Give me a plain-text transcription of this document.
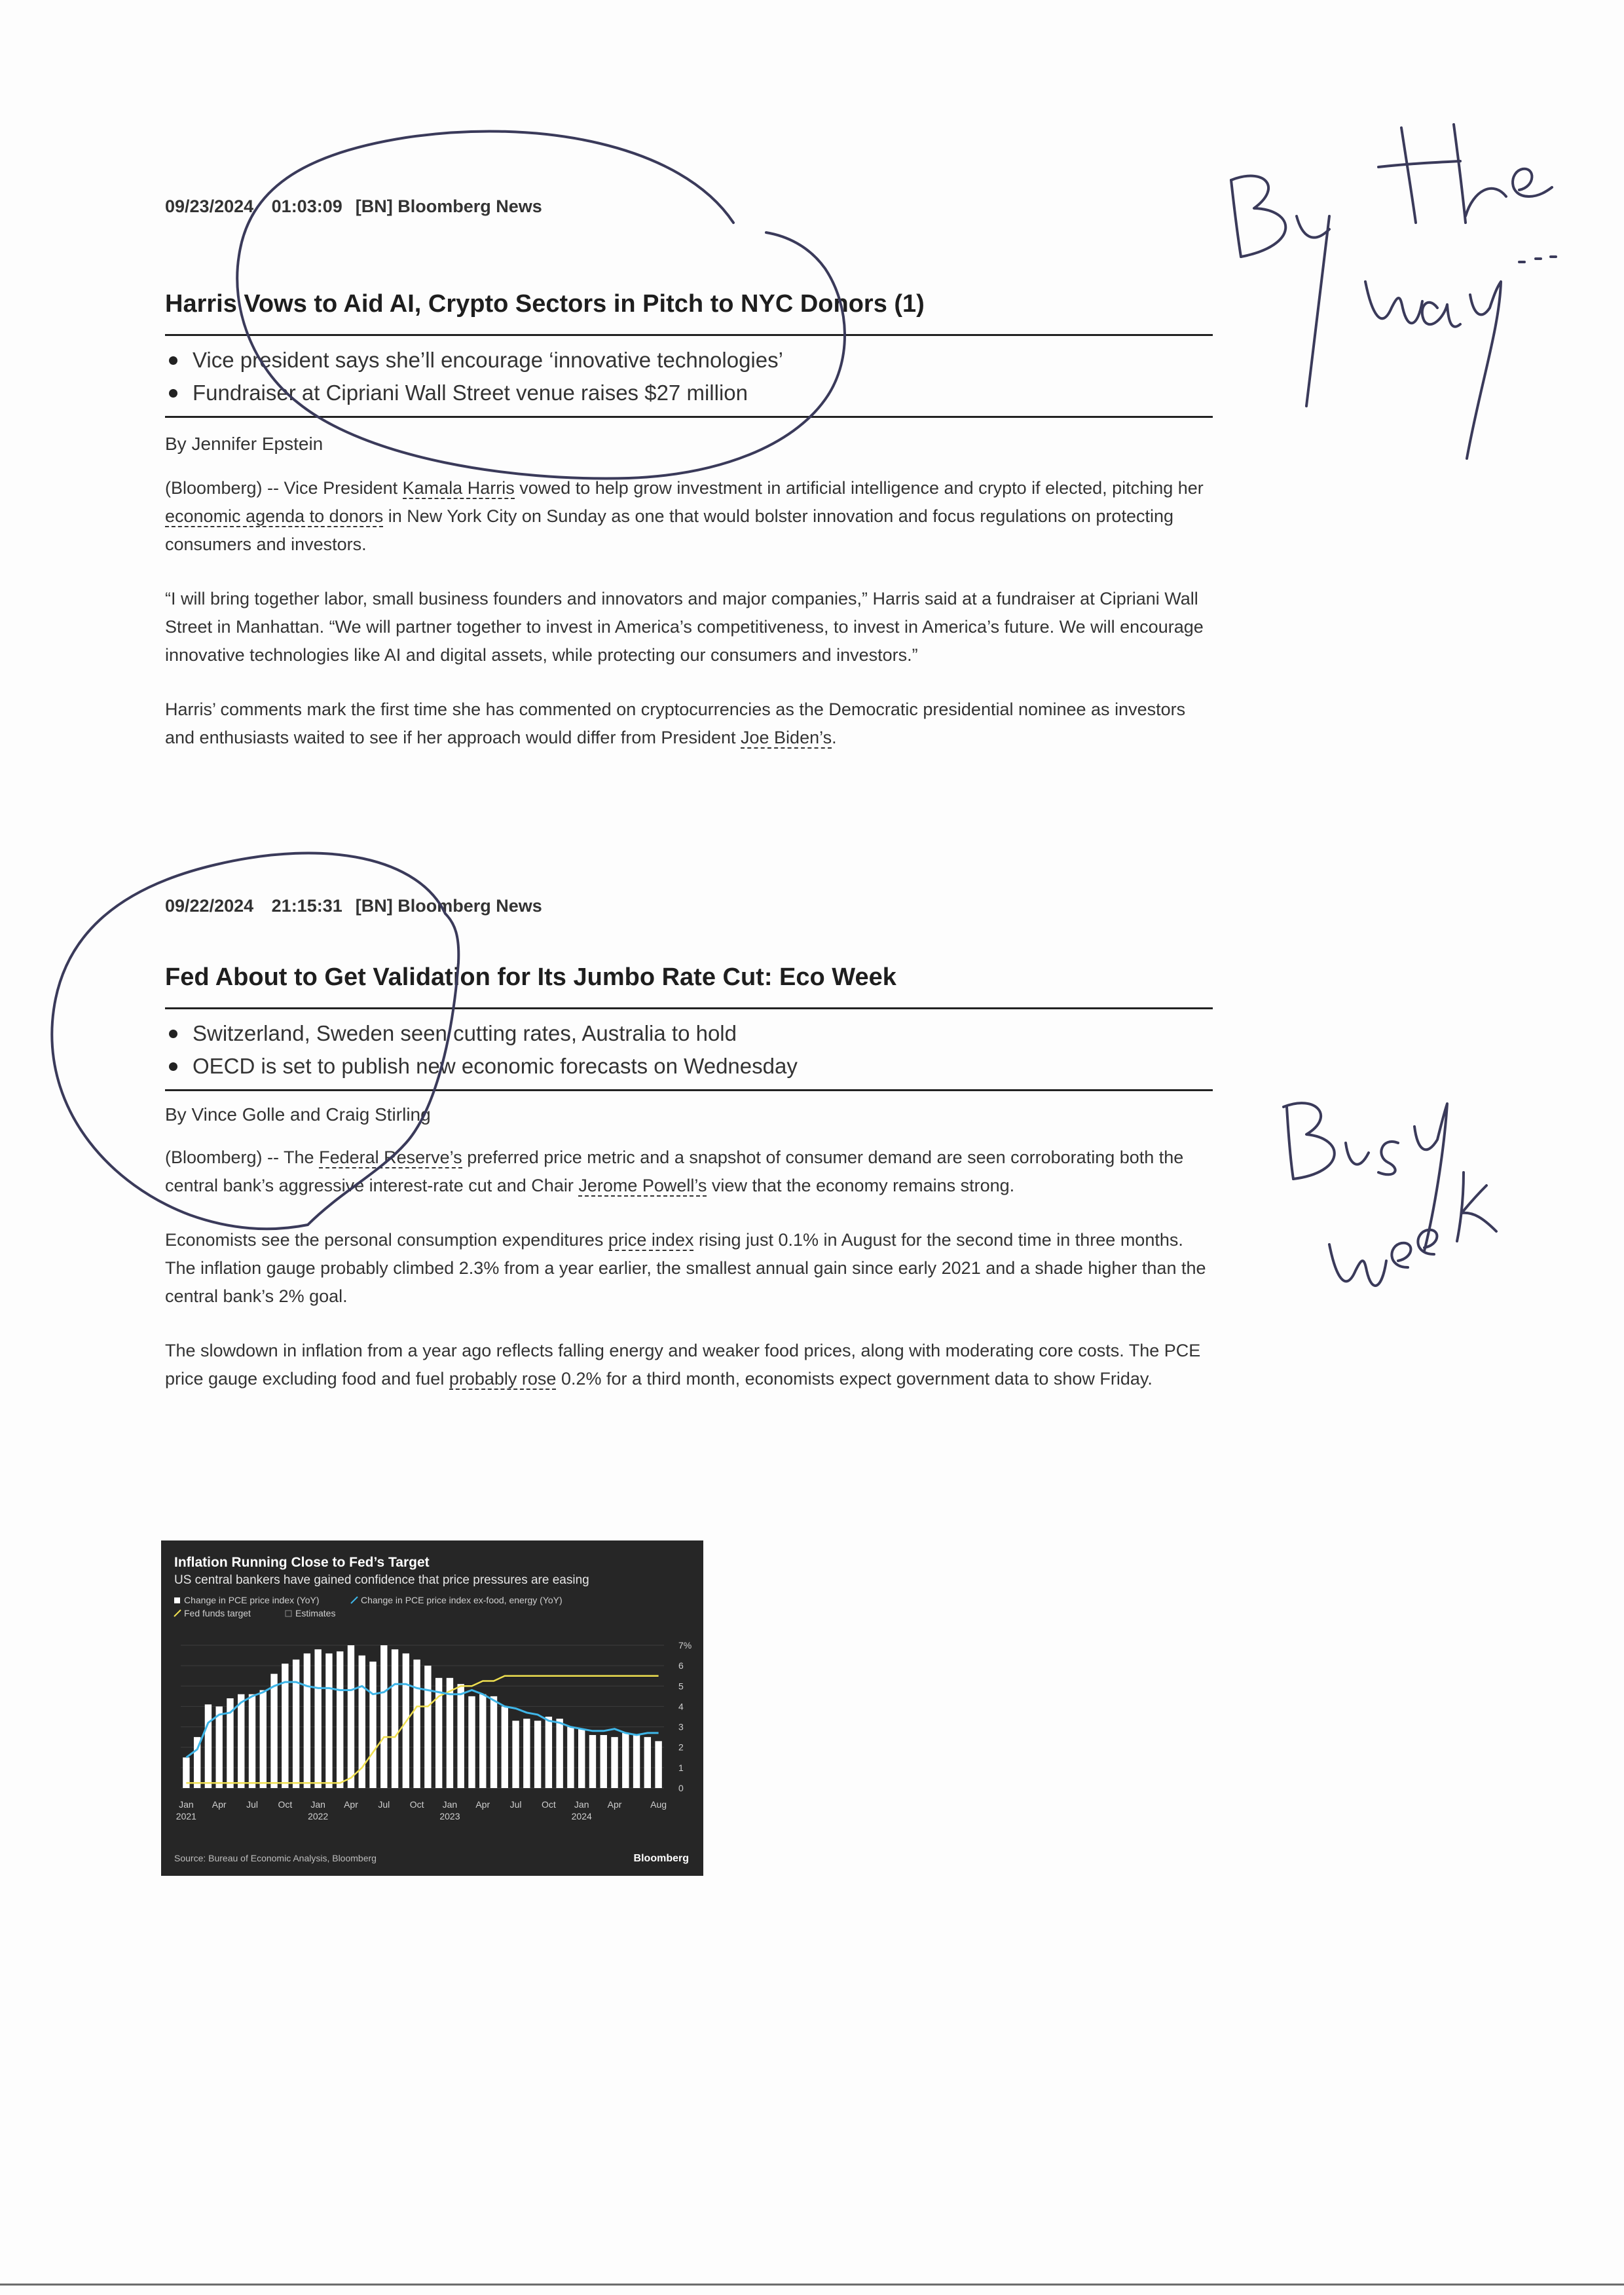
09/23/2024 01:03:09 [BN] Bloomberg News
Harris Vows to Aid AI, Crypto Sectors in Pitch to NYC Donors (1)
Vice president says she’ll encourage ‘innovative technologies’
Fundraiser at Cipriani Wall Street venue raises $27 million
By Jennifer Epstein

(Bloomberg) -- Vice President Kamala Harris vowed to help grow investment in artificial intelligence and crypto if elected, pitching her economic agenda to donors in New York City on Sunday as one that would bolster innovation and focus regulations on protecting consumers and investors.

“I will bring together labor, small business founders and innovators and major companies,” Harris said at a fundraiser at Cipriani Wall Street in Manhattan. “We will partner together to invest in America’s competitiveness, to invest in America’s future. We will encourage innovative technologies like AI and digital assets, while protecting our consumers and investors.”

Harris’ comments mark the first time she has commented on cryptocurrencies as the Democratic presidential nominee as investors and enthusiasts waited to see if her approach would differ from President Joe Biden’s.

09/22/2024 21:15:31 [BN] Bloomberg News
Fed About to Get Validation for Its Jumbo Rate Cut: Eco Week
Switzerland, Sweden seen cutting rates, Australia to hold
OECD is set to publish new economic forecasts on Wednesday
By Vince Golle and Craig Stirling

(Bloomberg) -- The Federal Reserve’s preferred price metric and a snapshot of consumer demand are seen corroborating both the central bank’s aggressive interest-rate cut and Chair Jerome Powell’s view that the economy remains strong.

Economists see the personal consumption expenditures price index rising just 0.1% in August for the second time in three months. The inflation gauge probably climbed 2.3% from a year earlier, the smallest annual gain since early 2021 and a shade higher than the central bank’s 2% goal.

The slowdown in inflation from a year ago reflects falling energy and weaker food prices, along with moderating core costs. The PCE price gauge excluding food and fuel probably rose 0.2% for a third month, economists expect government data to show Friday.

Inflation Running Close to Fed’s Target
US central bankers have gained confidence that price pressures are easing
Change in PCE price index (YoY)	Change in PCE price index ex-food, energy (YoY)
Fed funds target	Estimates
7%
6
5
4
3
2
1
0
Jan Apr Jul Oct Jan Apr Jul Oct Jan Apr Jul Oct Jan Apr	Aug
2021	2022	2023	2024
Source: Bureau of Economic Analysis, Bloomberg	Bloomberg
